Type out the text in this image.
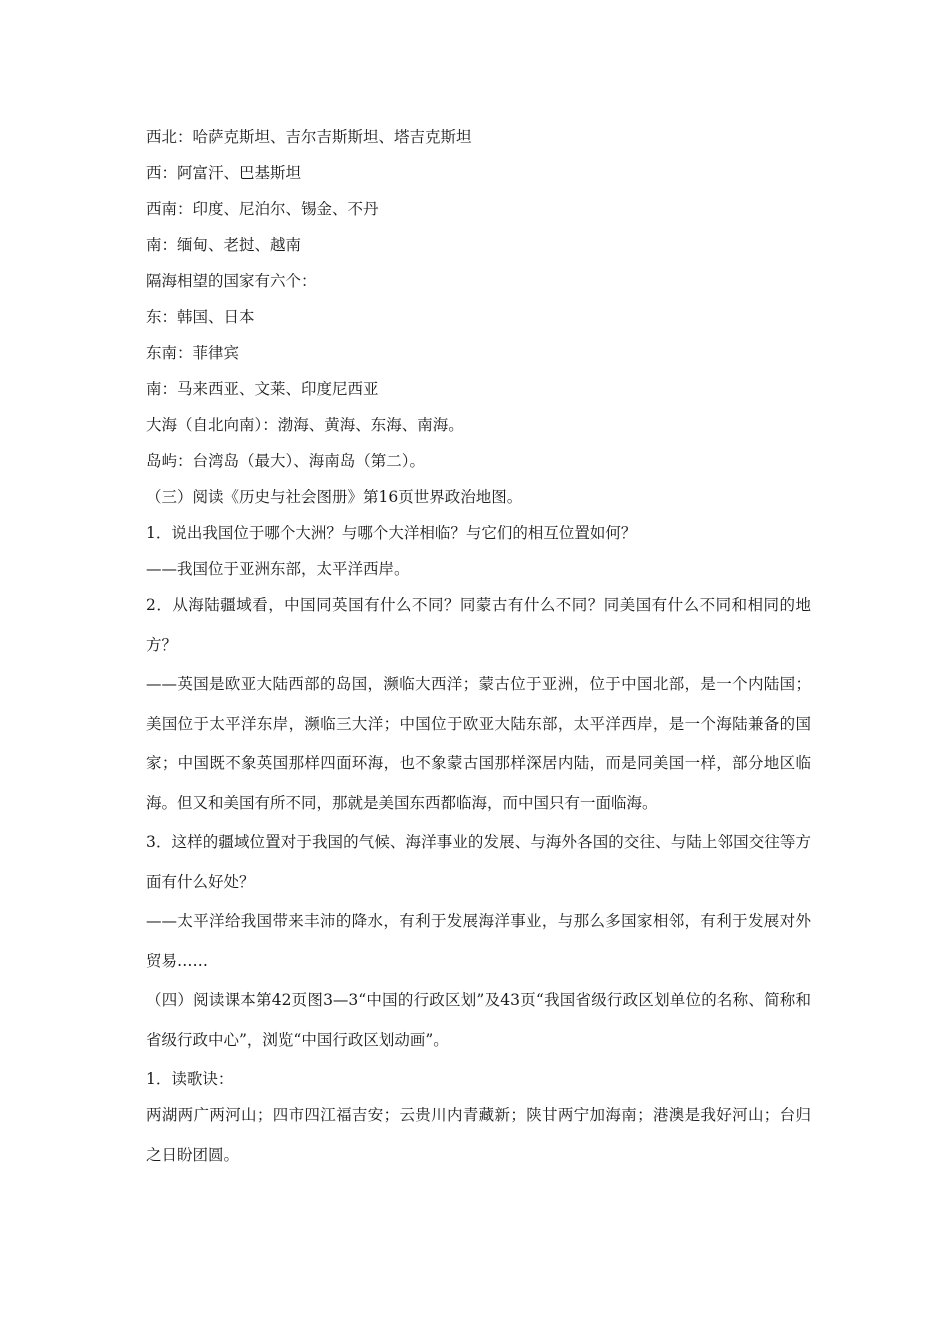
西北：哈萨克斯坦、吉尔吉斯斯坦、塔吉克斯坦
西：阿富汗、巴基斯坦
西南：印度、尼泊尔、锡金、不丹
南：缅甸、老挝、越南
隔海相望的国家有六个：
东：韩国、日本
东南：菲律宾
南：马来西亚、文莱、印度尼西亚
大海（自北向南）：渤海、黄海、东海、南海。
岛屿：台湾岛（最大）、海南岛（第二）。
（三）阅读《历史与社会图册》第16页世界政治地图。
1．说出我国位于哪个大洲？与哪个大洋相临？与它们的相互位置如何？
——我国位于亚洲东部，太平洋西岸。
2．从海陆疆域看，中国同英国有什么不同？同蒙古有什么不同？同美国有什么不同和相同的地方？
——英国是欧亚大陆西部的岛国，濒临大西洋；蒙古位于亚洲，位于中国北部，是一个内陆国；美国位于太平洋东岸，濒临三大洋；中国位于欧亚大陆东部，太平洋西岸，是一个海陆兼备的国家；中国既不象英国那样四面环海，也不象蒙古国那样深居内陆，而是同美国一样，部分地区临海。但又和美国有所不同，那就是美国东西都临海，而中国只有一面临海。
3．这样的疆域位置对于我国的气候、海洋事业的发展、与海外各国的交往、与陆上邻国交往等方面有什么好处？
——太平洋给我国带来丰沛的降水，有利于发展海洋事业，与那么多国家相邻，有利于发展对外贸易……
（四）阅读课本第42页图3—3“中国的行政区划”及43页“我国省级行政区划单位的名称、简称和省级行政中心”，浏览“中国行政区划动画”。
1．读歌诀：
两湖两广两河山；四市四江福吉安；云贵川内青藏新；陕甘两宁加海南；港澳是我好河山；台归之日盼团圆。
